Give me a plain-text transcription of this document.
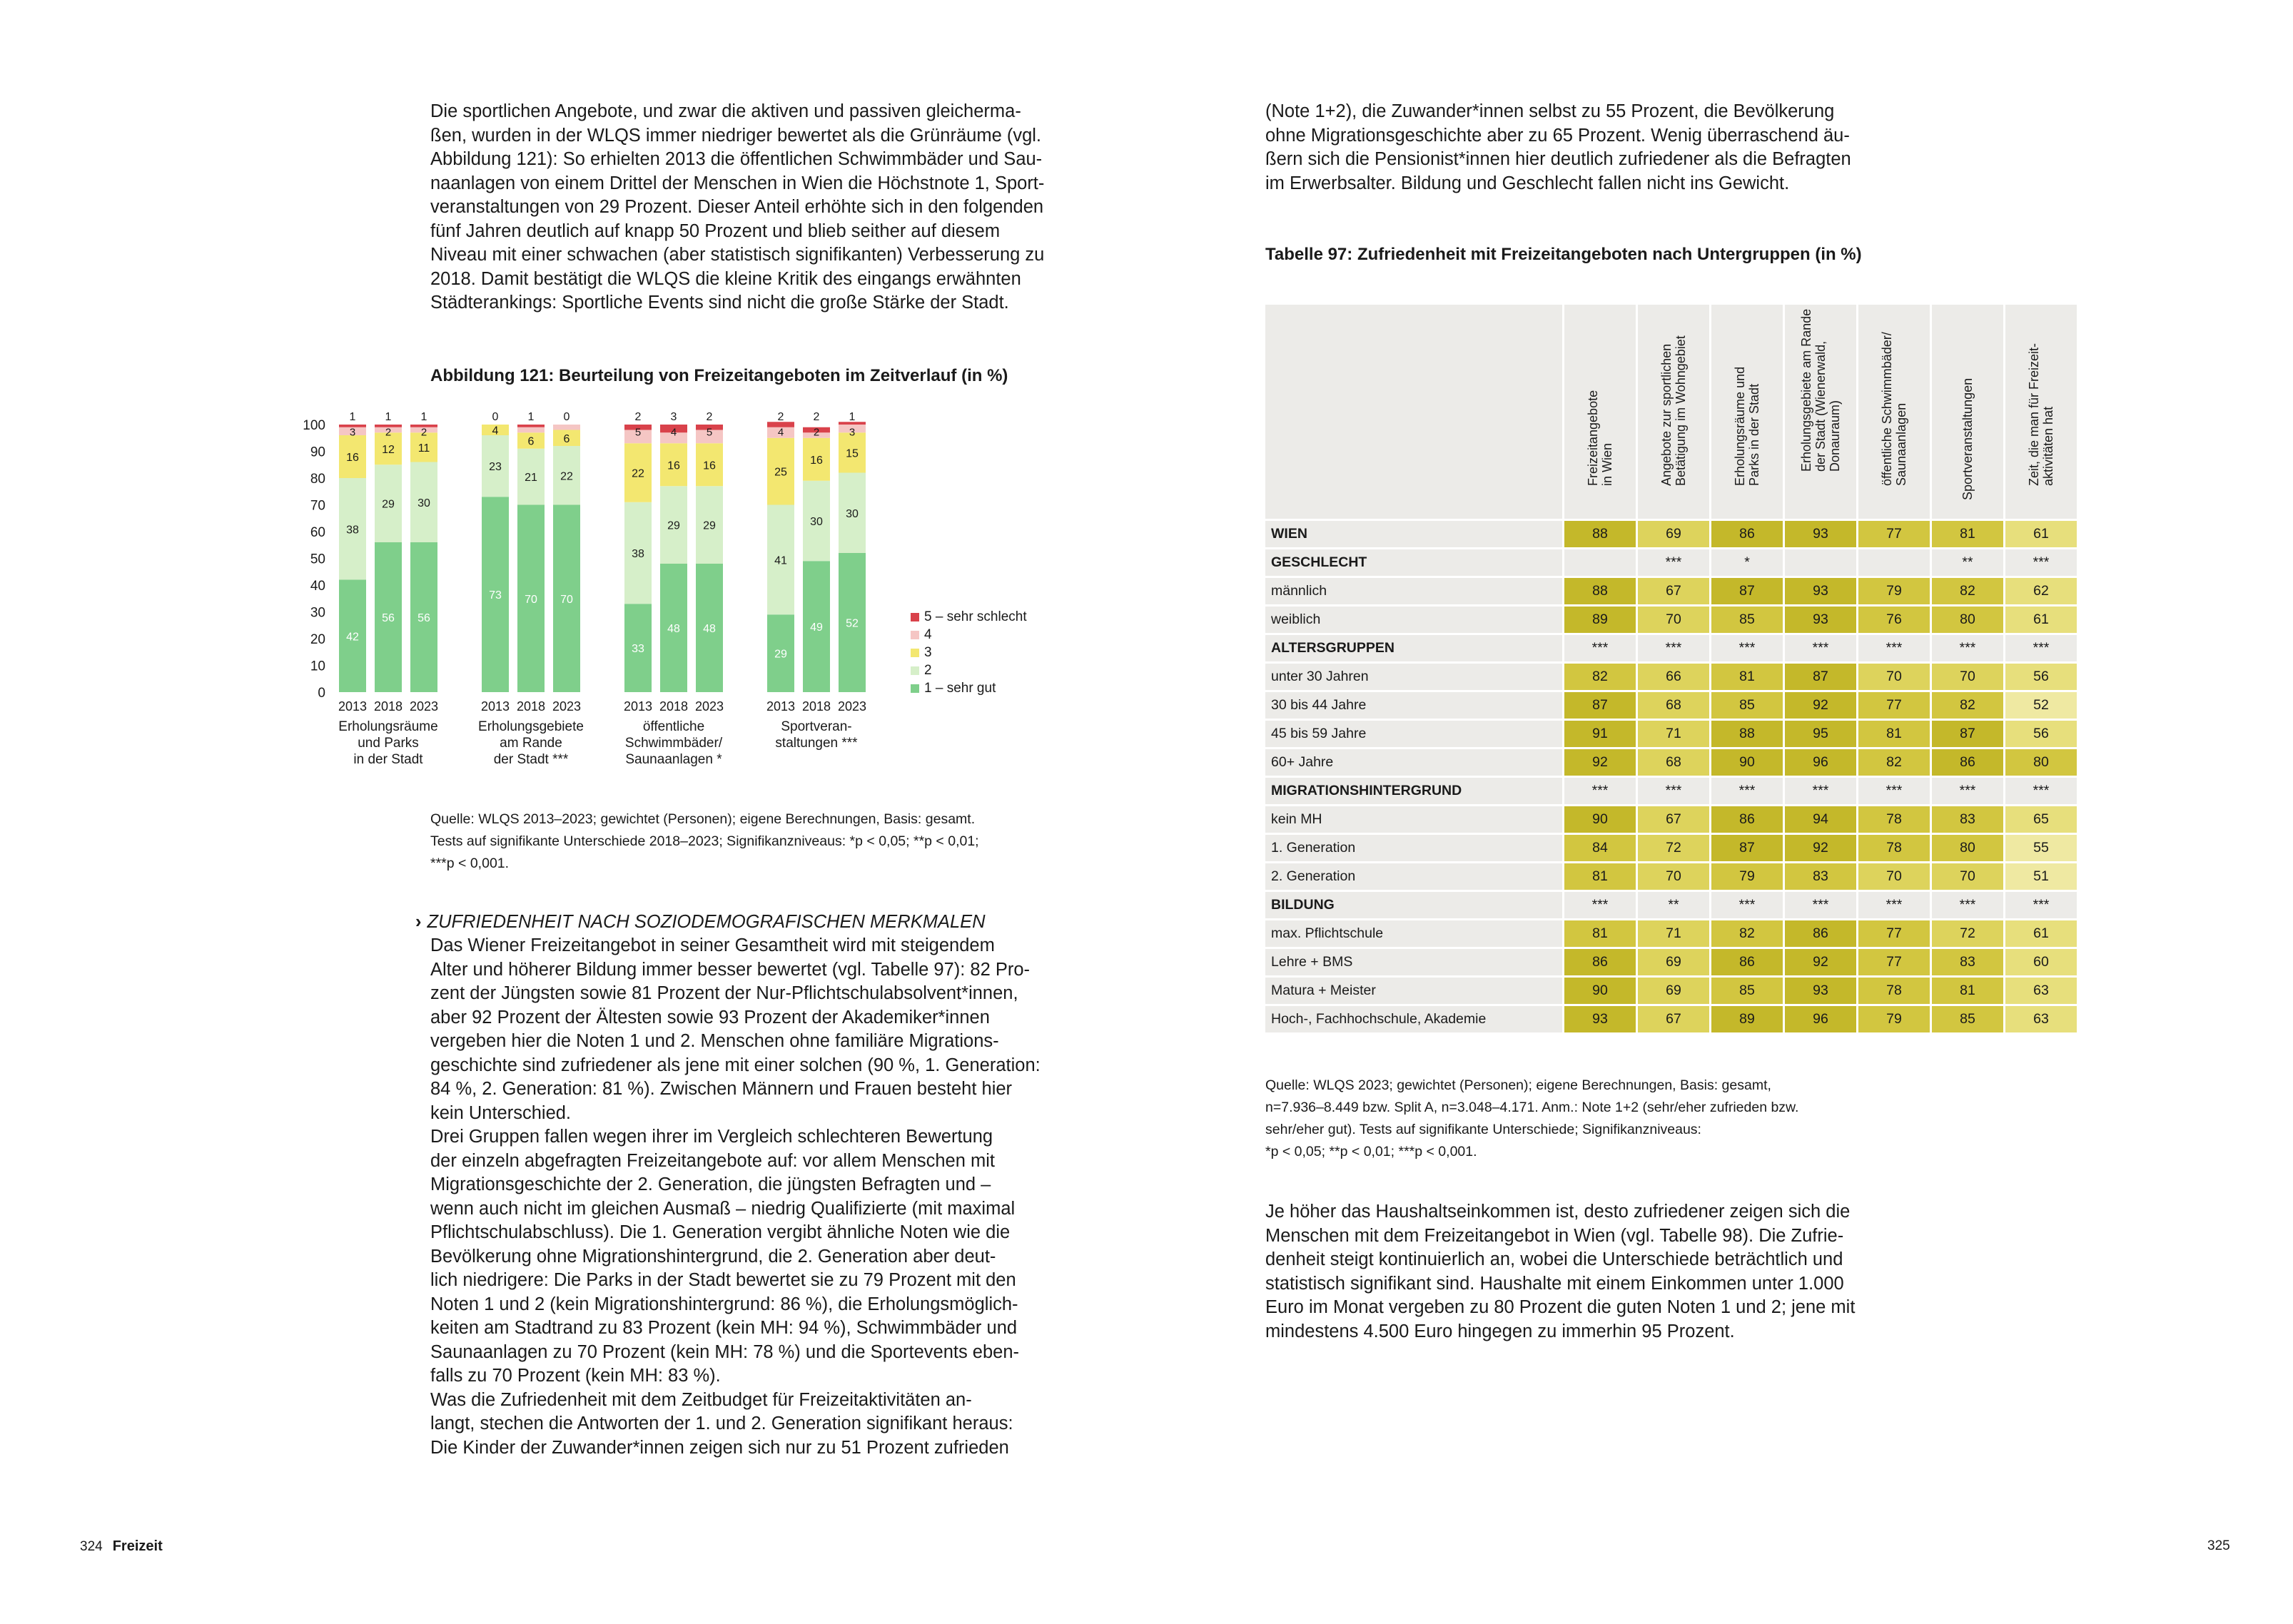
Die sportlichen Angebote, und zwar die aktiven und passiven gleicherma-
ßen, wurden in der WLQS immer niedriger bewertet als die Grünräume (vgl.
Abbildung 121): So erhielten 2013 die öffentlichen Schwimmbäder und Sau-
naanlagen von einem Drittel der Menschen in Wien die Höchstnote 1, Sport-
veranstaltungen von 29 Prozent. Dieser Anteil erhöhte sich in den folgenden
fünf Jahren deutlich auf knapp 50 Prozent und blieb seither auf diesem
Niveau mit einer schwachen (aber statistisch signifikanten) Verbesserung zu
2018. Damit bestätigt die WLQS die kleine Kritik des eingangs erwähnten
Städterankings: Sportliche Events sind nicht die große Stärke der Stadt.

Abbildung 121: Beurteilung von Freizeitangeboten im Zeitverlauf (in %)
0
10
20
30
40
50
60
70
80
90
100
42
38
16
3
1
2013
56
29
12
2
1
2018
56
30
11
2
1
2023
Erholungsräume und Parks in der Stadt
73
23
4
0
2013
70
21
6
1
2018
70
22
6
0
2023
Erholungsgebiete am Rande der Stadt ***
33
38
22
5
2
2013
48
29
16
4
3
2018
48
29
16
5
2
2023
öffentliche Schwimmbäder/ Saunaanlagen *
29
41
25
4
2
2013
49
30
16
2
2
2018
52
30
15
3
1
2023
Sportveran-staltungen ***
5 – sehr schlecht
4
3
2
1 – sehr gut
Quelle: WLQS 2013–2023; gewichtet (Personen); eigene Berechnungen, Basis: gesamt.
Tests auf signifikante Unterschiede 2018–2023; Signifikanzniveaus: *p < 0,05; **p < 0,01;
***p < 0,001.
› ZUFRIEDENHEIT NACH SOZIODEMOGRAFISCHEN MERKMALEN

Das Wiener Freizeitangebot in seiner Gesamtheit wird mit steigendem
Alter und höherer Bildung immer besser bewertet (vgl. Tabelle 97): 82 Pro-
zent der Jüngsten sowie 81 Prozent der Nur-Pflichtschulabsolvent*innen,
aber 92 Prozent der Ältesten sowie 93 Prozent der Akademiker*innen
vergeben hier die Noten 1 und 2. Menschen ohne familiäre Migrations-
geschichte sind zufriedener als jene mit einer solchen (90 %, 1. Generation:
84 %, 2. Generation: 81 %). Zwischen Männern und Frauen besteht hier
kein Unterschied.
Drei Gruppen fallen wegen ihrer im Vergleich schlechteren Bewertung
der einzeln abgefragten Freizeitangebote auf: vor allem Menschen mit
Migrationsgeschichte der 2. Generation, die jüngsten Befragten und –
wenn auch nicht im gleichen Ausmaß – niedrig Qualifizierte (mit maximal
Pflichtschulabschluss). Die 1. Generation vergibt ähnliche Noten wie die
Bevölkerung ohne Migrationshintergrund, die 2. Generation aber deut-
lich niedrigere: Die Parks in der Stadt bewertet sie zu 79 Prozent mit den
Noten 1 und 2 (kein Migrationshintergrund: 86 %), die Erholungsmöglich-
keiten am Stadtrand zu 83 Prozent (kein MH: 94 %), Schwimmbäder und
Saunaanlagen zu 70 Prozent (kein MH: 78 %) und die Sportevents eben-
falls zu 70 Prozent (kein MH: 83 %).
Was die Zufriedenheit mit dem Zeitbudget für Freizeitaktivitäten an-
langt, stechen die Antworten der 1. und 2. Generation signifikant heraus:
Die Kinder der Zuwander*innen zeigen sich nur zu 51 Prozent zufrieden

324 Freizeit

(Note 1+2), die Zuwander*innen selbst zu 55 Prozent, die Bevölkerung
ohne Migrationsgeschichte aber zu 65 Prozent. Wenig überraschend äu-
ßern sich die Pensionist*innen hier deutlich zufriedener als die Befragten
im Erwerbsalter. Bildung und Geschlecht fallen nicht ins Gewicht.

Tabelle 97: Zufriedenheit mit Freizeitangeboten nach Untergruppen (in %)

	Freizeitangebote
in Wien	Angebote zur sportlichen
Betätigung im Wohngebiet	Erholungsräume und
Parks in der Stadt	Erholungsgebiete am Rande
der Stadt (Wienerwald,
Donauraum)	öffentliche Schwimmbäder/
Saunaanlagen	Sportveranstaltungen	Zeit, die man für Freizeit-
aktivitäten hat

WIEN	88	69	86	93	77	81	61
GESCHLECHT		***	*			**	***
männlich	88	67	87	93	79	82	62
weiblich	89	70	85	93	76	80	61
ALTERSGRUPPEN	***	***	***	***	***	***	***
unter 30 Jahren	82	66	81	87	70	70	56
30 bis 44 Jahre	87	68	85	92	77	82	52
45 bis 59 Jahre	91	71	88	95	81	87	56
60+ Jahre	92	68	90	96	82	86	80
MIGRATIONSHINTERGRUND	***	***	***	***	***	***	***
kein MH	90	67	86	94	78	83	65
1. Generation	84	72	87	92	78	80	55
2. Generation	81	70	79	83	70	70	51
BILDUNG	***	**	***	***	***	***	***
max. Pflichtschule	81	71	82	86	77	72	61
Lehre + BMS	86	69	86	92	77	83	60
Matura + Meister	90	69	85	93	78	81	63
Hoch-, Fachhochschule, Akademie	93	67	89	96	79	85	63
Quelle: WLQS 2023; gewichtet (Personen); eigene Berechnungen, Basis: gesamt,
n=7.936–8.449 bzw. Split A, n=3.048–4.171. Anm.: Note 1+2 (sehr/eher zufrieden bzw.
sehr/eher gut). Tests auf signifikante Unterschiede; Signifikanzniveaus:
*p < 0,05; **p < 0,01; ***p < 0,001.

Je höher das Haushaltseinkommen ist, desto zufriedener zeigen sich die
Menschen mit dem Freizeitangebot in Wien (vgl. Tabelle 98). Die Zufrie-
denheit steigt kontinuierlich an, wobei die Unterschiede beträchtlich und
statistisch signifikant sind. Haushalte mit einem Einkommen unter 1.000
Euro im Monat vergeben zu 80 Prozent die guten Noten 1 und 2; jene mit
mindestens 4.500 Euro hingegen zu immerhin 95 Prozent.

325
